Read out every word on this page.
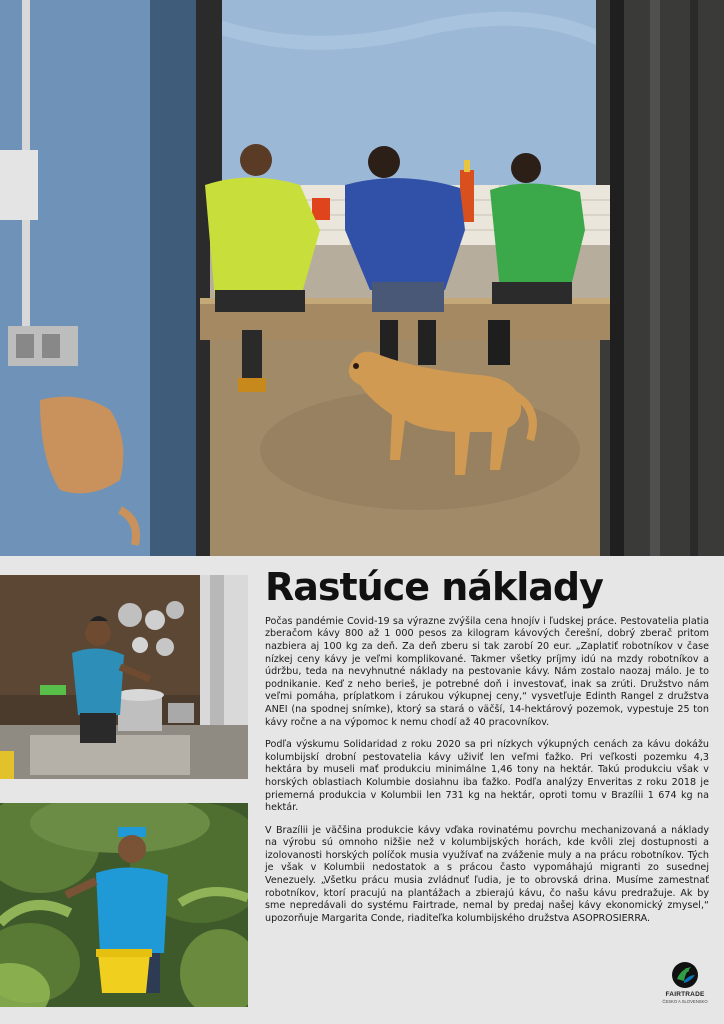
Rastúce náklady

Počas pandémie Covid-19 sa výrazne zvýšila cena hnojív i ľudskej práce. Pestovatelia platia zberačom kávy 800 až 1 000 pesos za kilogram kávových čerešní, dobrý zberač pritom nazbiera aj 100 kg za deň. Za deň zberu si tak zarobí 20 eur. „Zaplatiť robotníkov v čase nízkej ceny kávy je veľmi komplikované. Takmer všetky príjmy idú na mzdy robotníkov a údržbu, teda na nevyhnutné náklady na pestovanie kávy. Nám zostalo naozaj málo. Je to podnikanie. Keď z neho berieš, je potrebné doň i investovať, inak sa zrúti. Družstvo nám veľmi pomáha, príplatkom i zárukou výkupnej ceny,“ vysvetľuje Edinth Rangel z družstva ANEI (na spodnej snímke), ktorý sa stará o väčší, 14-hektárový pozemok, vypestuje 25 ton kávy ročne a na výpomoc k nemu chodí až 40 pracovníkov.

Podľa výskumu Solidaridad z roku 2020 sa pri nízkych výkupných cenách za kávu dokážu kolumbijskí drobní pestovatelia kávy uživiť len veľmi ťažko. Pri veľkosti pozemku 4,3 hektára by museli mať produkciu minimálne 1,46 tony na hektár. Takú produkciu však v horských oblastiach Kolumbie dosiahnu iba ťažko. Podľa analýzy Enveritas z roku 2018 je priemerná produkcia v Kolumbii len 731 kg na hektár, oproti tomu v Brazílii 1 674 kg na hektár.

V Brazílii je väčšina produkcie kávy vďaka rovinatému povrchu mechanizovaná a náklady na výrobu sú omnoho nižšie než v kolumbijských horách, kde kvôli zlej dostupnosti a izolovanosti horských políčok musia využívať na zváženie muly a na prácu robotníkov. Tých je však v Kolumbii nedostatok a s prácou často vypomáhajú migranti zo susednej Venezuely. „Všetku prácu musia zvládnuť ľudia, je to obrovská drina. Musíme zamestnať robotníkov, ktorí pracujú na plantážach a zbierajú kávu, čo našu kávu predražuje. Ak by sme nepredávali do systému Fairtrade, nemal by predaj našej kávy ekonomický zmysel,“ upozorňuje Margarita Conde, riaditeľka kolumbijského družstva ASOPROSIERRA.

FAIRTRADE
ČESKO A SLOVENSKO
